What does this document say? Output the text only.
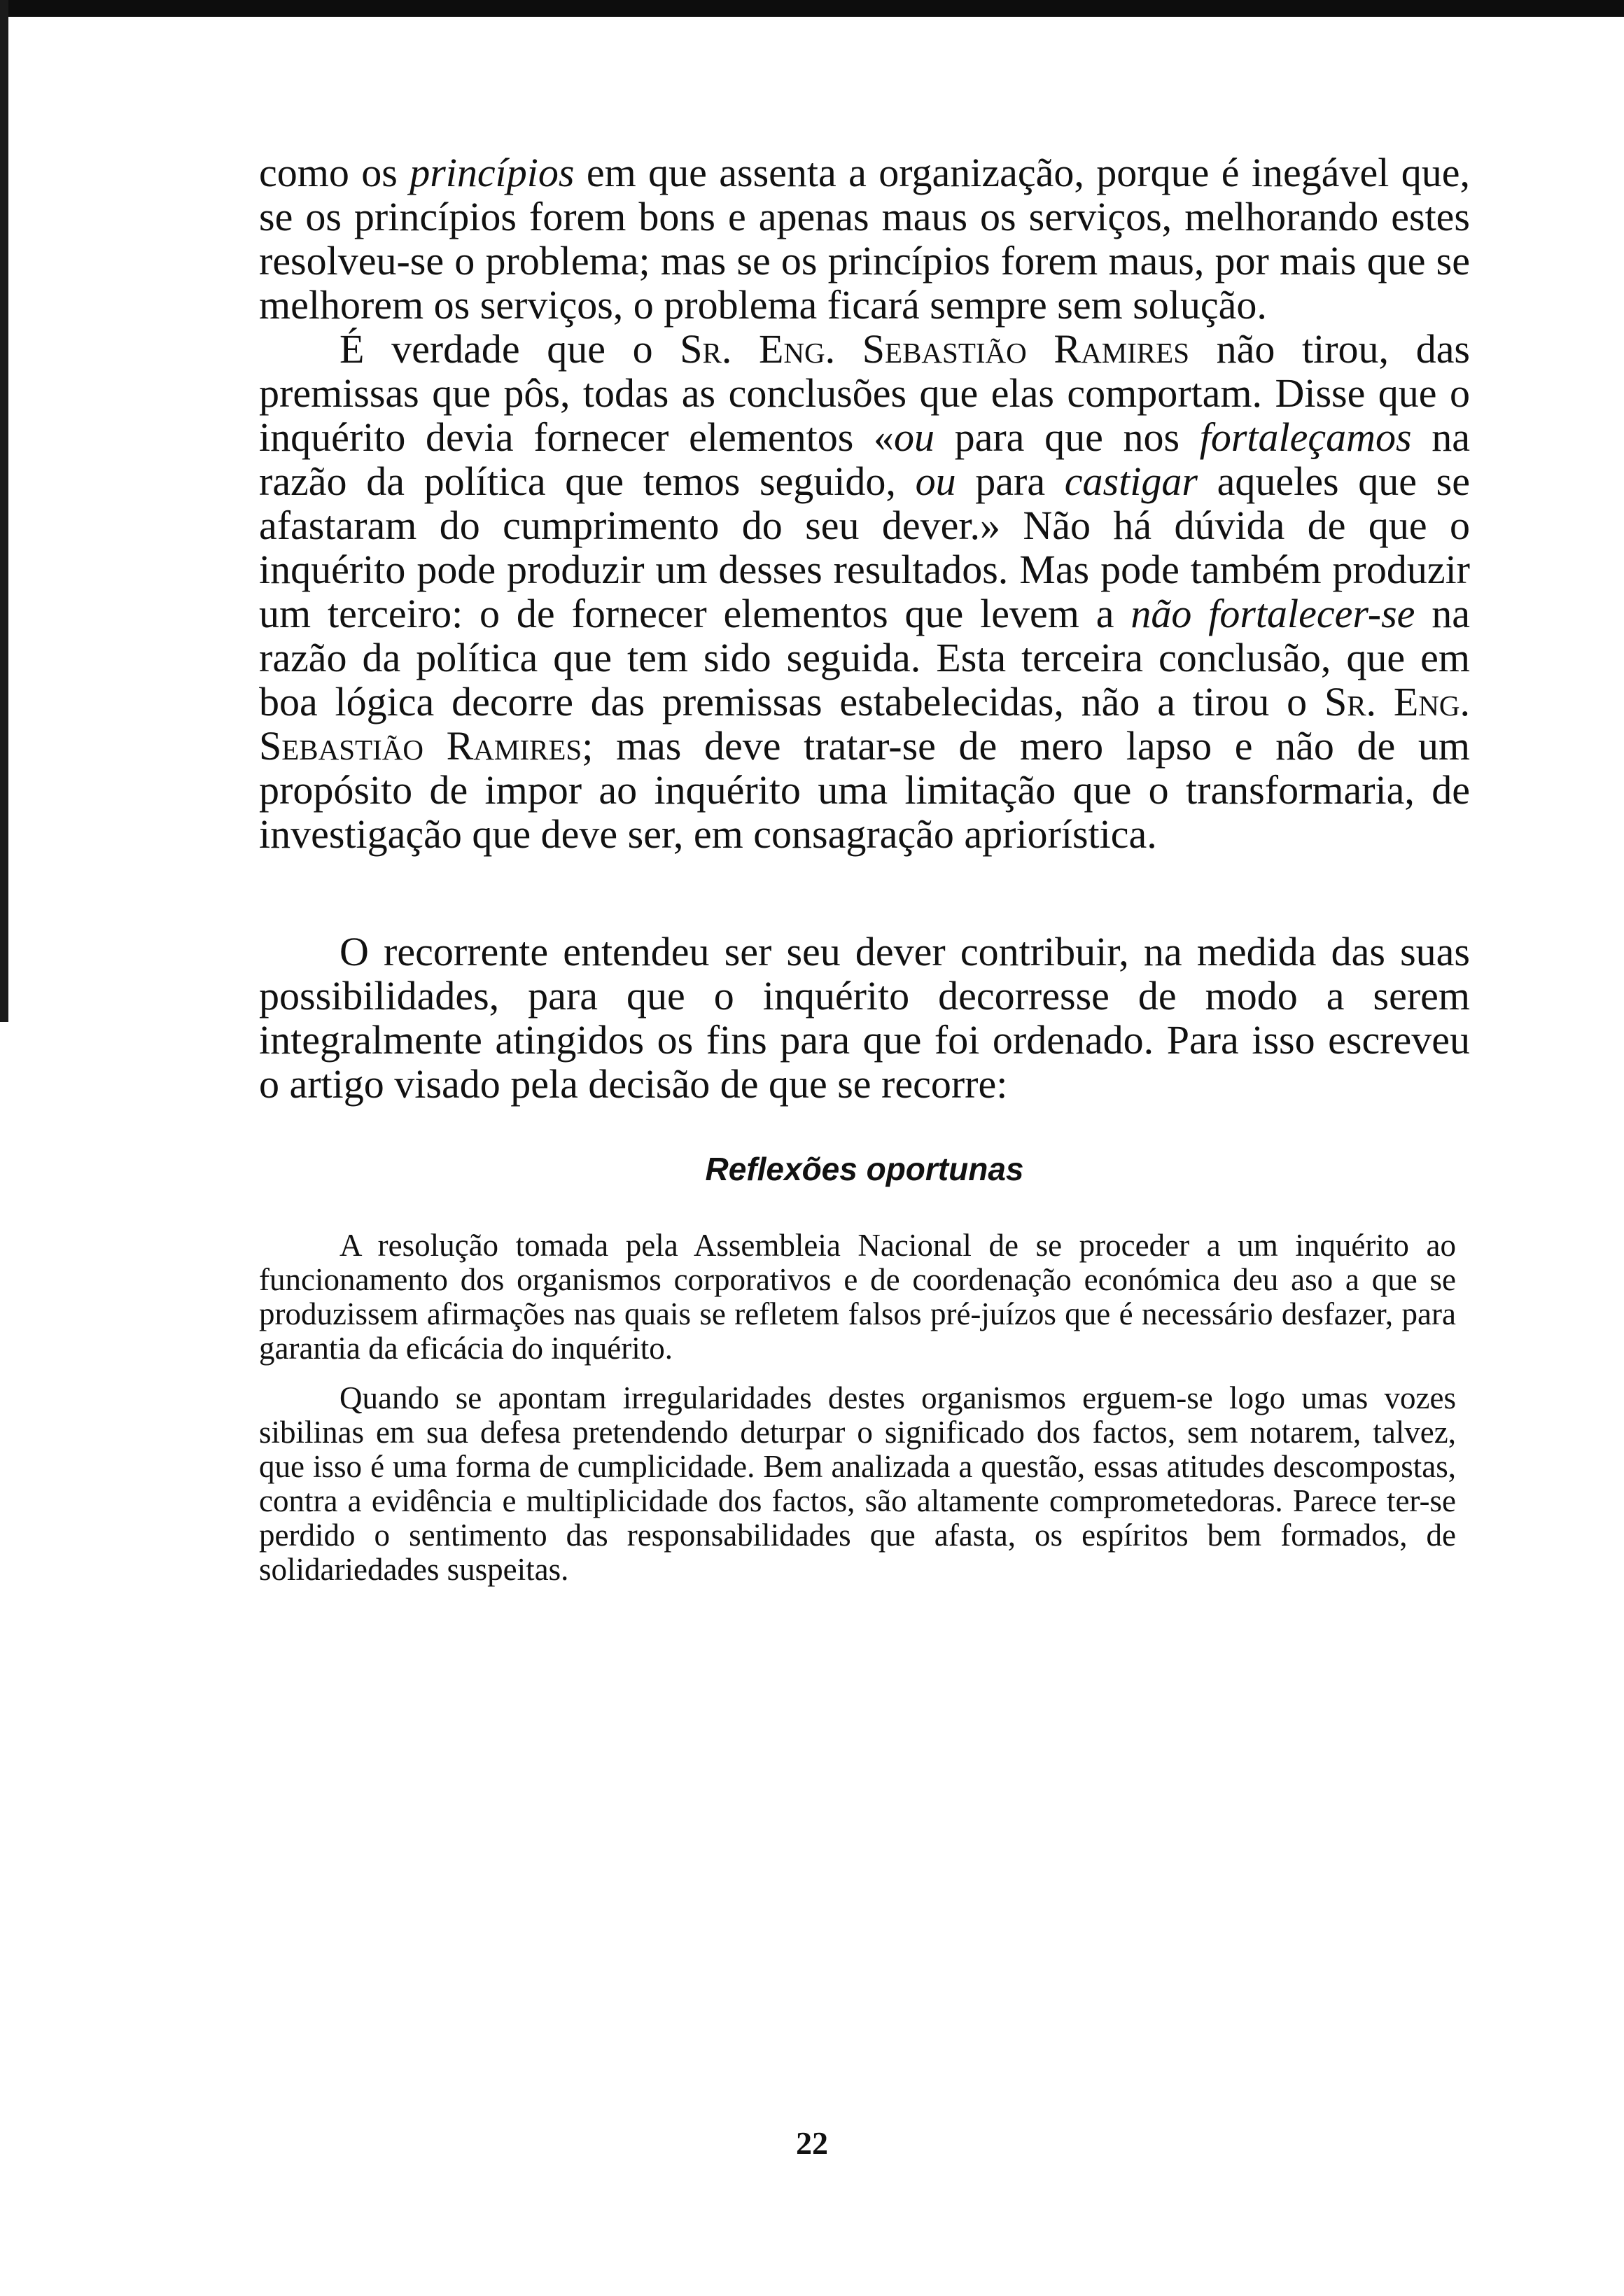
como os princípios em que assenta a organização, porque é inegável que, se os princípios forem bons e apenas maus os serviços, melhorando estes resolveu-se o problema; mas se os princípios forem maus, por mais que se melhorem os serviços, o problema ficará sempre sem solução.

É verdade que o Sr. Eng. Sebastião Ramires não tirou, das premissas que pôs, todas as conclusões que elas comportam. Disse que o inquérito devia fornecer elementos «ou para que nos fortaleçamos na razão da política que temos seguido, ou para castigar aqueles que se afastaram do cumprimento do seu dever.» Não há dúvida de que o inquérito pode produzir um desses resultados. Mas pode também produzir um terceiro: o de fornecer elementos que levem a não fortalecer-se na razão da política que tem sido seguida. Esta terceira conclusão, que em boa lógica decorre das premissas estabelecidas, não a tirou o Sr. Eng. Sebastião Ramires; mas deve tratar-se de mero lapso e não de um propósito de impor ao inquérito uma limitação que o transformaria, de investigação que deve ser, em consagração apriorística.

O recorrente entendeu ser seu dever contribuir, na medida das suas possibilidades, para que o inquérito decorresse de modo a serem integralmente atingidos os fins para que foi ordenado. Para isso escreveu o artigo visado pela decisão de que se recorre:

Reflexões oportunas

A resolução tomada pela Assembleia Nacional de se proceder a um inquérito ao funcionamento dos organismos corporativos e de coordenação económica deu aso a que se produzissem afirmações nas quais se refletem falsos pré-juízos que é necessário desfazer, para garantia da eficácia do inquérito.

Quando se apontam irregularidades destes organismos erguem-se logo umas vozes sibilinas em sua defesa pretendendo deturpar o significado dos factos, sem notarem, talvez, que isso é uma forma de cumplicidade. Bem analizada a questão, essas atitudes descompostas, contra a evidência e multiplicidade dos factos, são altamente comprometedoras. Parece ter-se perdido o sentimento das responsabilidades que afasta, os espíritos bem formados, de solidariedades suspeitas.

22
